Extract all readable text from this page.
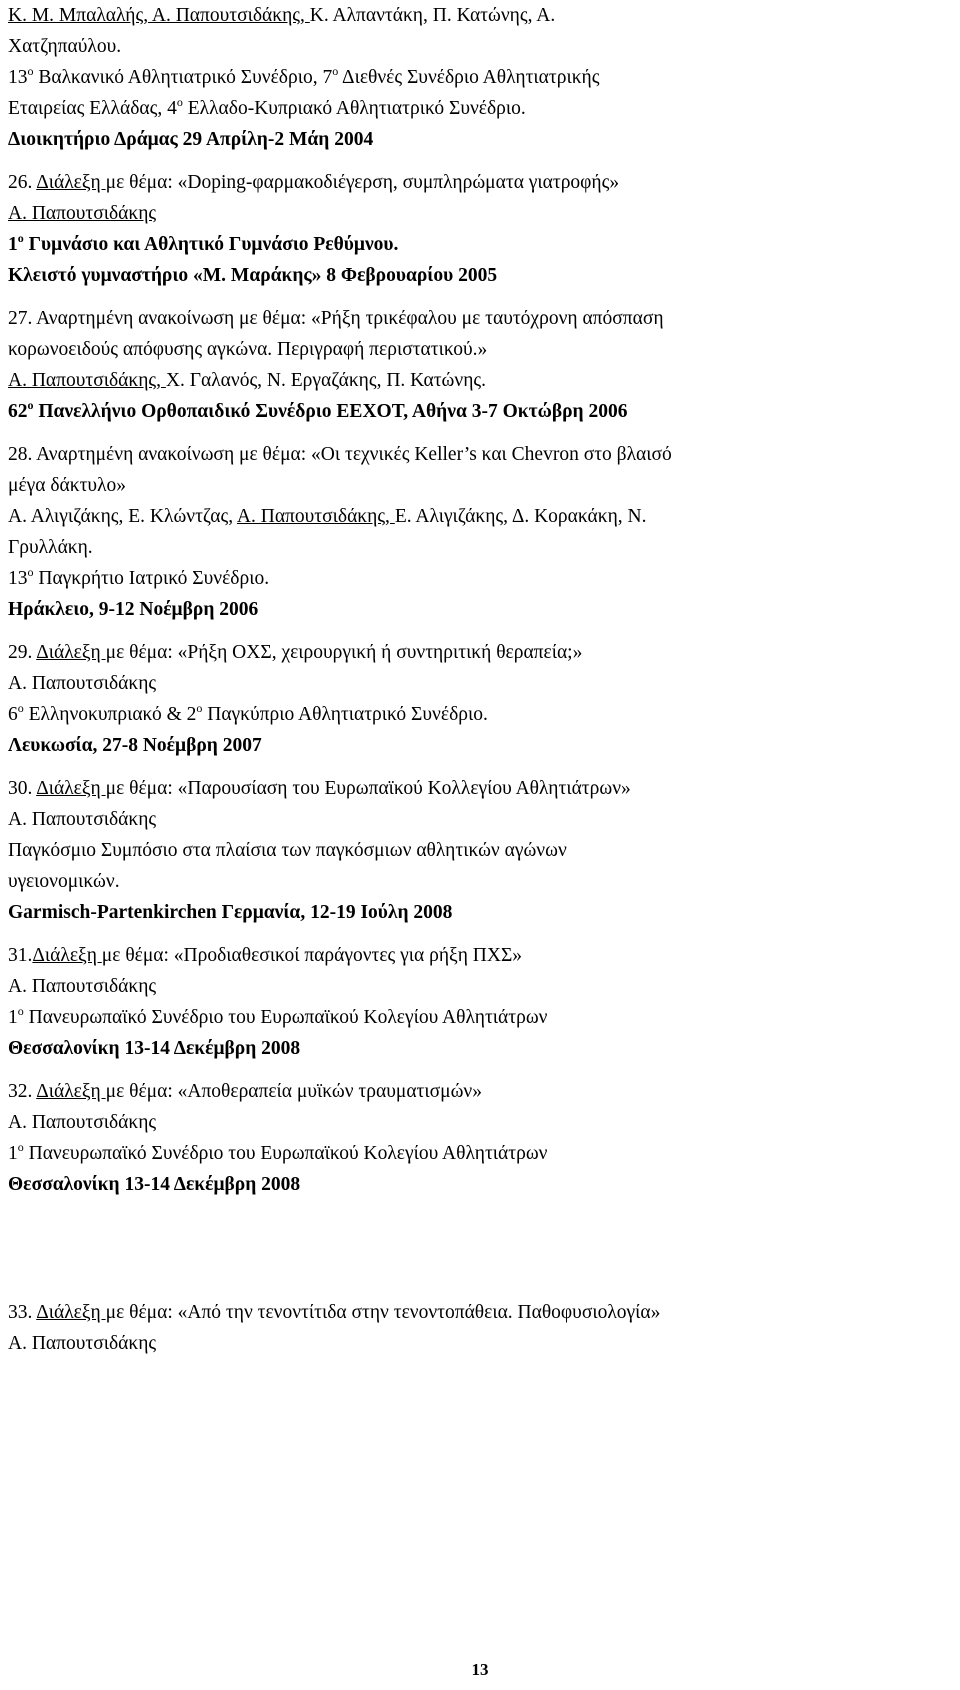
Κ. Μ. Μπαλαλής, Α. Παπουτσιδάκης, Κ. Αλπαντάκη, Π. Κατώνης, Α.
Χατζηπαύλου.
$13^o$ Βαλκανικό Αθλητιατρικό Συνέδριο, $7^o$ Διεθνές Συνέδριο Αθλητιατρικής
Εταιρείας Ελλάδας, $4^o$ Ελλαδο-Κυπριακό Αθλητιατρικό Συνέδριο.
Διοικητήριο Δράμας 29 Απρίλη-2 Μάη 2004
26. Διάλεξη με θέμα: «Doping-φαρμακοδιέγερση, συμπληρώματα γιατροφής»
Α. Παπουτσιδάκης
$1^o$ Γυμνάσιο και Αθλητικό Γυμνάσιο Ρεθύμνου.
Κλειστό γυμναστήριο «Μ. Μαράκης» 8 Φεβρουαρίου 2005
27. Αναρτημένη ανακοίνωση με θέμα: «Ρήξη τρικέφαλου με ταυτόχρονη απόσπαση
κορωνοειδούς απόφυσης αγκώνα. Περιγραφή περιστατικού.»
Α. Παπουτσιδάκης, Χ. Γαλανός, Ν. Εργαζάκης, Π. Κατώνης.
$62^o$ Πανελλήνιο Ορθοπαιδικό Συνέδριο ΕΕΧΟΤ, Αθήνα 3-7 Οκτώβρη 2006
28. Αναρτημένη ανακοίνωση με θέμα: «Οι τεχνικές Keller’s και Chevron στο βλαισό
μέγα δάκτυλο»
Α. Αλιγιζάκης, Ε. Κλώντζας, Α. Παπουτσιδάκης, Ε. Αλιγιζάκης, Δ. Κορακάκη, Ν.
Γρυλλάκη.
$13^o$ Παγκρήτιο Ιατρικό Συνέδριο.
Ηράκλειο, 9-12 Νοέμβρη 2006
29. Διάλεξη με θέμα: «Ρήξη ΟΧΣ, χειρουργική ή συντηριτική θεραπεία;»
Α. Παπουτσιδάκης
$6^o$ Ελληνοκυπριακό & $2^o$ Παγκύπριο Αθλητιατρικό Συνέδριο.
Λευκωσία, 27-8 Νοέμβρη 2007
30. Διάλεξη με θέμα: «Παρουσίαση του Ευρωπαϊκού Κολλεγίου Αθλητιάτρων»
Α. Παπουτσιδάκης
Παγκόσμιο Συμπόσιο στα πλαίσια των παγκόσμιων αθλητικών αγώνων
υγειονομικών.
Garmisch-Partenkirchen Γερμανία, 12-19 Ιούλη 2008
31.Διάλεξη με θέμα: «Προδιαθεσικοί παράγοντες για ρήξη ΠΧΣ»
Α. Παπουτσιδάκης
$1^o$ Πανευρωπαϊκό Συνέδριο του Ευρωπαϊκού Κολεγίου Αθλητιάτρων
Θεσσαλονίκη 13-14 Δεκέμβρη 2008
32. Διάλεξη με θέμα: «Αποθεραπεία μυϊκών τραυματισμών»
Α. Παπουτσιδάκης
$1^o$ Πανευρωπαϊκό Συνέδριο του Ευρωπαϊκού Κολεγίου Αθλητιάτρων
Θεσσαλονίκη 13-14 Δεκέμβρη 2008
33. Διάλεξη με θέμα: «Από την τενοντίτιδα στην τενοντοπάθεια. Παθοφυσιολογία»
Α. Παπουτσιδάκης
13
